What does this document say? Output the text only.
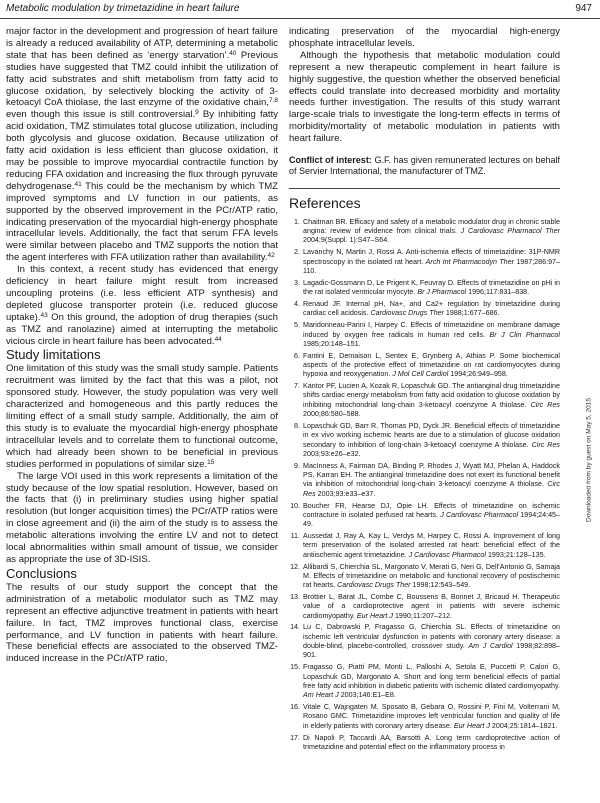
Metabolic modulation by trimetazidine in heart failure	947

major factor in the development and progression of heart failure is already a reduced availability of ATP, determining a metabolic state that has been defined as ‘energy starvation’.$^{40}$ Previous studies have suggested that TMZ could inhibit the utilization of fatty acid substrates and shift metabolism from fatty acid to glucose oxidation, by selectively blocking the activity of 3-ketoacyl CoA thiolase, the last enzyme of the oxidative chain,$^{7,8}$ even though this issue is still controversial.$^9$ By inhibiting fatty acid oxidation, TMZ stimulates total glucose utilization, including both glycolysis and glucose oxidation. Because utilization of fatty acid oxidation is less efficient than glucose oxidation, it may be possible to improve myocardial contractile function by reducing FFA oxidation and increasing the flux through pyruvate dehydrogenase.$^{41}$ This could be the mechanism by which TMZ improved symptoms and LV function in our patients, as supported by the observed improvement in the PCr/ATP ratio, indicating preservation of the myocardial high-energy phosphate intracellular levels. Additionally, the fact that serum FFA levels were similar between placebo and TMZ supports the notion that the agent interferes with FFA utilization rather than availability.$^{42}$

In this context, a recent study has evidenced that energy deficiency in heart failure might result from increased uncoupling proteins (i.e. less efficient ATP synthesis) and depleted glucose transporter protein (i.e. reduced glucose uptake).$^{43}$ On this ground, the adoption of drug therapies (such as TMZ and ranolazine) aimed at interrupting the metabolic vicious circle in heart failure has been advocated.$^{44}$

Study limitations

One limitation of this study was the small study sample. Patients recruitment was limited by the fact that this was a pilot, not sponsored study. However, the study population was very well characterized and homogeneous and this partly reduces the limiting effect of a small study sample. Additionally, the aim of this study is to evaluate the myocardial high-energy phosphate intracellular levels and to correlate them to functional outcome, which had already been shown to be beneficial in previous studies performed in populations of similar size.$^{15}$

The large VOI used in this work represents a limitation of the study because of the low spatial resolution. However, based on the facts that (i) in preliminary studies using higher spatial resolution (but longer acquisition times) the PCr/ATP ratios were in close agreement and (ii) the aim of the study is to assess the metabolic alterations involving the entire LV and not to detect local abnormalities within small amount of tissue, we consider as appropriate the use of 3D-ISIS.

Conclusions

The results of our study support the concept that the administration of a metabolic modulator such as TMZ may represent an effective adjunctive treatment in patients with heart failure. In fact, TMZ improves functional class, exercise performance, and LV function in patients with heart failure. These beneficial effects are associated to the observed TMZ-induced increase in the PCr/ATP ratio,

indicating preservation of the myocardial high-energy phosphate intracellular levels.

Although the hypothesis that metabolic modulation could represent a new therapeutic complement in heart failure is highly suggestive, the question whether the observed beneficial effects could translate into decreased morbidity and mortality needs further investigation. The results of this study warrant large-scale trials to investigate the long-term effects in terms of morbidity/mortality of metabolic modulation in patients with heart failure.

Conflict of interest: G.F. has given remunerated lectures on behalf of Servier International, the manufacturer of TMZ.

References
1. Chaitman BR. Efficacy and safety of a metabolic modulator drug in chronic stable angina: review of evidence from clinical trials. J Cardiovasc Pharmacol Ther 2004;9(Suppl. 1):S47–S64.
2. Lavanchy N, Martin J, Rossi A. Anti-ischemia effects of trimetazidine: 31P-NMR spectroscopy in the isolated rat heart. Arch Int Pharmacodyn Ther 1987;286:97–110.
3. Lagadic-Gossmann D, Le Prigent K, Feuvray D. Effects of trimetazidine on pHi in the rat isolated ventricular myocyte. Br J Pharmacol 1996;117:831–838.
4. Renaud JF. Internal pH, Na+, and Ca2+ regulation by trimetazidine during cardiac cell acidosis. Cardiovasc Drugs Ther 1988;1:677–686.
5. Maridonneau-Parini I, Harpey C. Effects of trimetazidine on membrane damage induced by oxygen free radicals in human red cells. Br J Clin Pharmacol 1985;20:148–151.
6. Fantini E, Demaison L, Sentex E, Grynberg A, Athias P. Some biochemical aspects of the protective effect of trimetazidine on rat cardiomyocytes during hypoxia and reoxygenation. J Mol Cell Cardiol 1994;26:949–958.
7. Kantor PF, Lucien A, Kozak R, Lopaschuk GD. The antianginal drug trimetazidine shifts cardiac energy metabolism from fatty acid oxidation to glucose oxidation by inhibiting mitochondrial long-chain 3-ketoacyl coenzyme A thiolase. Circ Res 2000;86:580–588.
8. Lopaschuk GD, Barr R, Thomas PD, Dyck JR. Beneficial effects of trimetazidine in ex vivo working ischemic hearts are due to a stimulation of glucose oxidation secondary to inhibition of long-chain 3-ketoacyl coenzyme A thiolase. Circ Res 2003;93:e26–e32.
9. MacInness A, Fairman DA, Binding P, Rhodes J, Wyatt MJ, Phelan A, Haddock PS, Karran EH. The antianginal trimetazidine does not exert its functional benefit via inhibition of mitochondrial long-chain 3-ketoacyl coenzyme A thiolase. Circ Res 2003;93:e33–e37.
10. Boucher FR, Hearse DJ, Opie LH. Effects of trimetazidine on ischemic contracture in isolated perfused rat hearts. J Cardiovasc Pharmacol 1994;24:45–49.
11. Aussedat J, Ray A, Kay L, Verdys M, Harpey C, Rossi A. Improvement of long term preservation of the isolated arrested rat heart: beneficial effect of the antiischemic agent trimetazidine. J Cardiovasc Pharmacol 1993;21:128–135.
12. Allibardi S, Chierchia SL, Margonato V, Merati G, Neri G, Dell’Antonio G, Samaja M. Effects of trimetazidine on metabolic and functional recovery of postischemic rat hearts. Cardiovasc Drugs Ther 1998;12:543–549.
13. Brottier L, Barat JL, Combe C, Boussens B, Bonnet J, Bricaud H. Therapeutic value of a cardioprotective agent in patients with severe ischemic cardiomyopathy. Eur Heart J 1990;11:207–212.
14. Lu C, Dabrowski P, Fragasso G, Chierchia SL. Effects of trimetazidine on ischemic left ventricular dysfunction in patients with coronary artery disease: a double-blind, placebo-controlled, crossover study. Am J Cardiol 1998;82:898–901.
15. Fragasso G, Piatti PM, Monti L, Palloshi A, Setola E, Puccetti P, Calori G, Lopaschuk GD, Margonato A. Short and long term beneficial effects of partial free fatty acid inhibition in diabetic patients with ischemic dilated cardiomyopathy. Am Heart J 2003;146:E1–E8.
16. Vitale C, Wajngaten M, Sposato B, Gebara O, Rossini P, Fini M, Volterrani M, Rosano GMC. Trimetazidine improves left ventricular function and quality of life in elderly patients with coronary artery disease. Eur Heart J 2004;25:1814–1821.
17. Di Napoli P, Taccardi AA, Barsotti A. Long term cardioprotective action of trimetazidine and potential effect on the inflammatory process in
Downloaded from by guest on May 5, 2015
